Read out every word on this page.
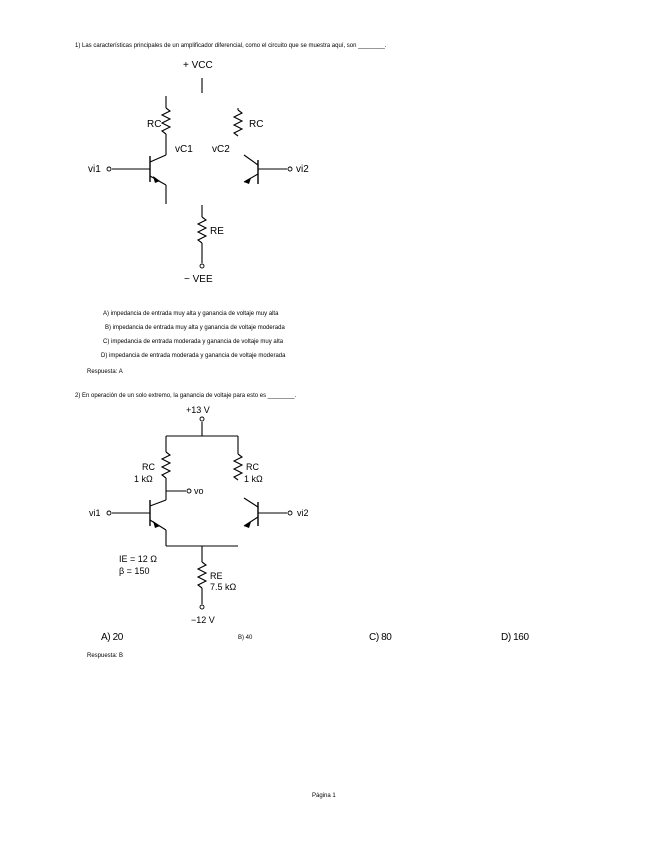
1) Las características principales de un amplificador diferencial, como el circuito que se muestra aquí, son ________.
+ VCC
RC	RC
vC1 vC2
vi1	vi2
RE
− VEE
+13 V
RC
1 kΩ
RC
1 kΩ
vo
vi1	vi2
IE = 12 Ω
β = 150	RE
7.5 kΩ
−12 V
A) impedancia de entrada muy alta y ganancia de voltaje muy alta
B) impedancia de entrada muy alta y ganancia de voltaje moderada
C) impedancia de entrada moderada y ganancia de voltaje muy alta
D) impedancia de entrada moderada y ganancia de voltaje moderada
Respuesta: A
2) En operación de un solo extremo, la ganancia de voltaje para esto es ________.
A) 20	B) 40	C) 80	D) 160
Respuesta: B
Página 1
